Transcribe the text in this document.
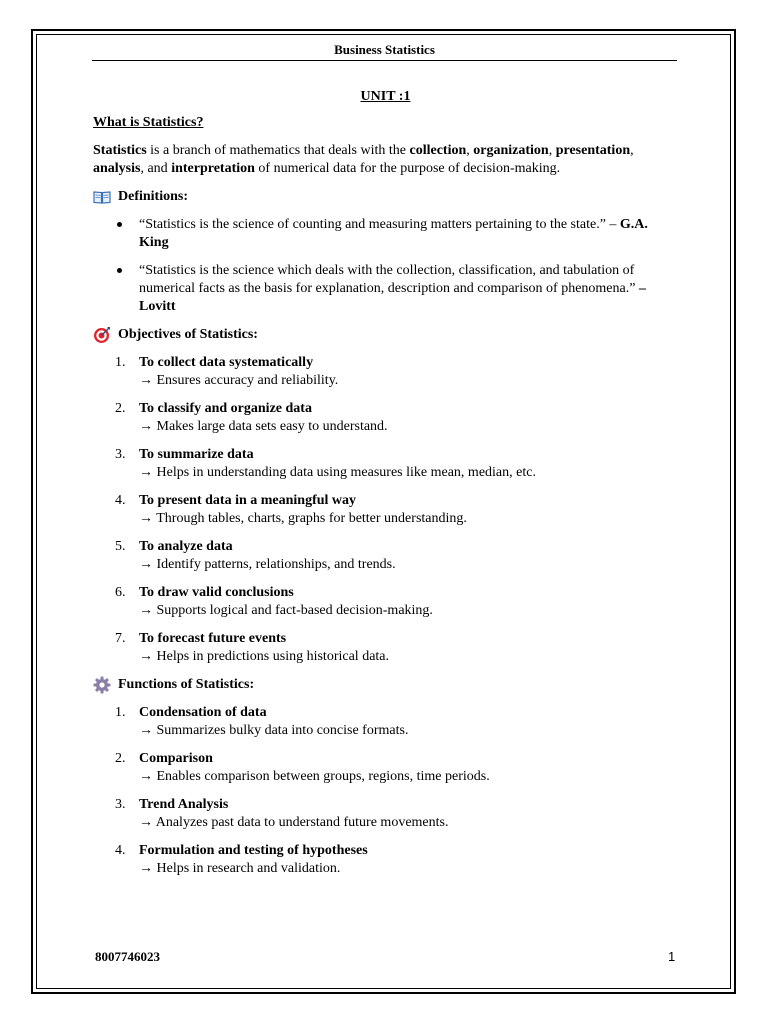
Business Statistics
UNIT :1
What is Statistics?

Statistics is a branch of mathematics that deals with the collection, organization, presentation, analysis, and interpretation of numerical data for the purpose of decision-making.

Definitions:
“Statistics is the science of counting and measuring matters pertaining to the state.” – G.A. King
“Statistics is the science which deals with the collection, classification, and tabulation of numerical facts as the basis for explanation, description and comparison of phenomena.” – Lovitt
Objectives of Statistics:
1. To collect data systematically
→ Ensures accuracy and reliability.
2. To classify and organize data
→ Makes large data sets easy to understand.
3. To summarize data
→ Helps in understanding data using measures like mean, median, etc.
4. To present data in a meaningful way
→ Through tables, charts, graphs for better understanding.
5. To analyze data
→ Identify patterns, relationships, and trends.
6. To draw valid conclusions
→ Supports logical and fact-based decision-making.
7. To forecast future events
→ Helps in predictions using historical data.
Functions of Statistics:
1. Condensation of data
→ Summarizes bulky data into concise formats.
2. Comparison
→ Enables comparison between groups, regions, time periods.
3. Trend Analysis
→ Analyzes past data to understand future movements.
4. Formulation and testing of hypotheses
→ Helps in research and validation.
8007746023	1
